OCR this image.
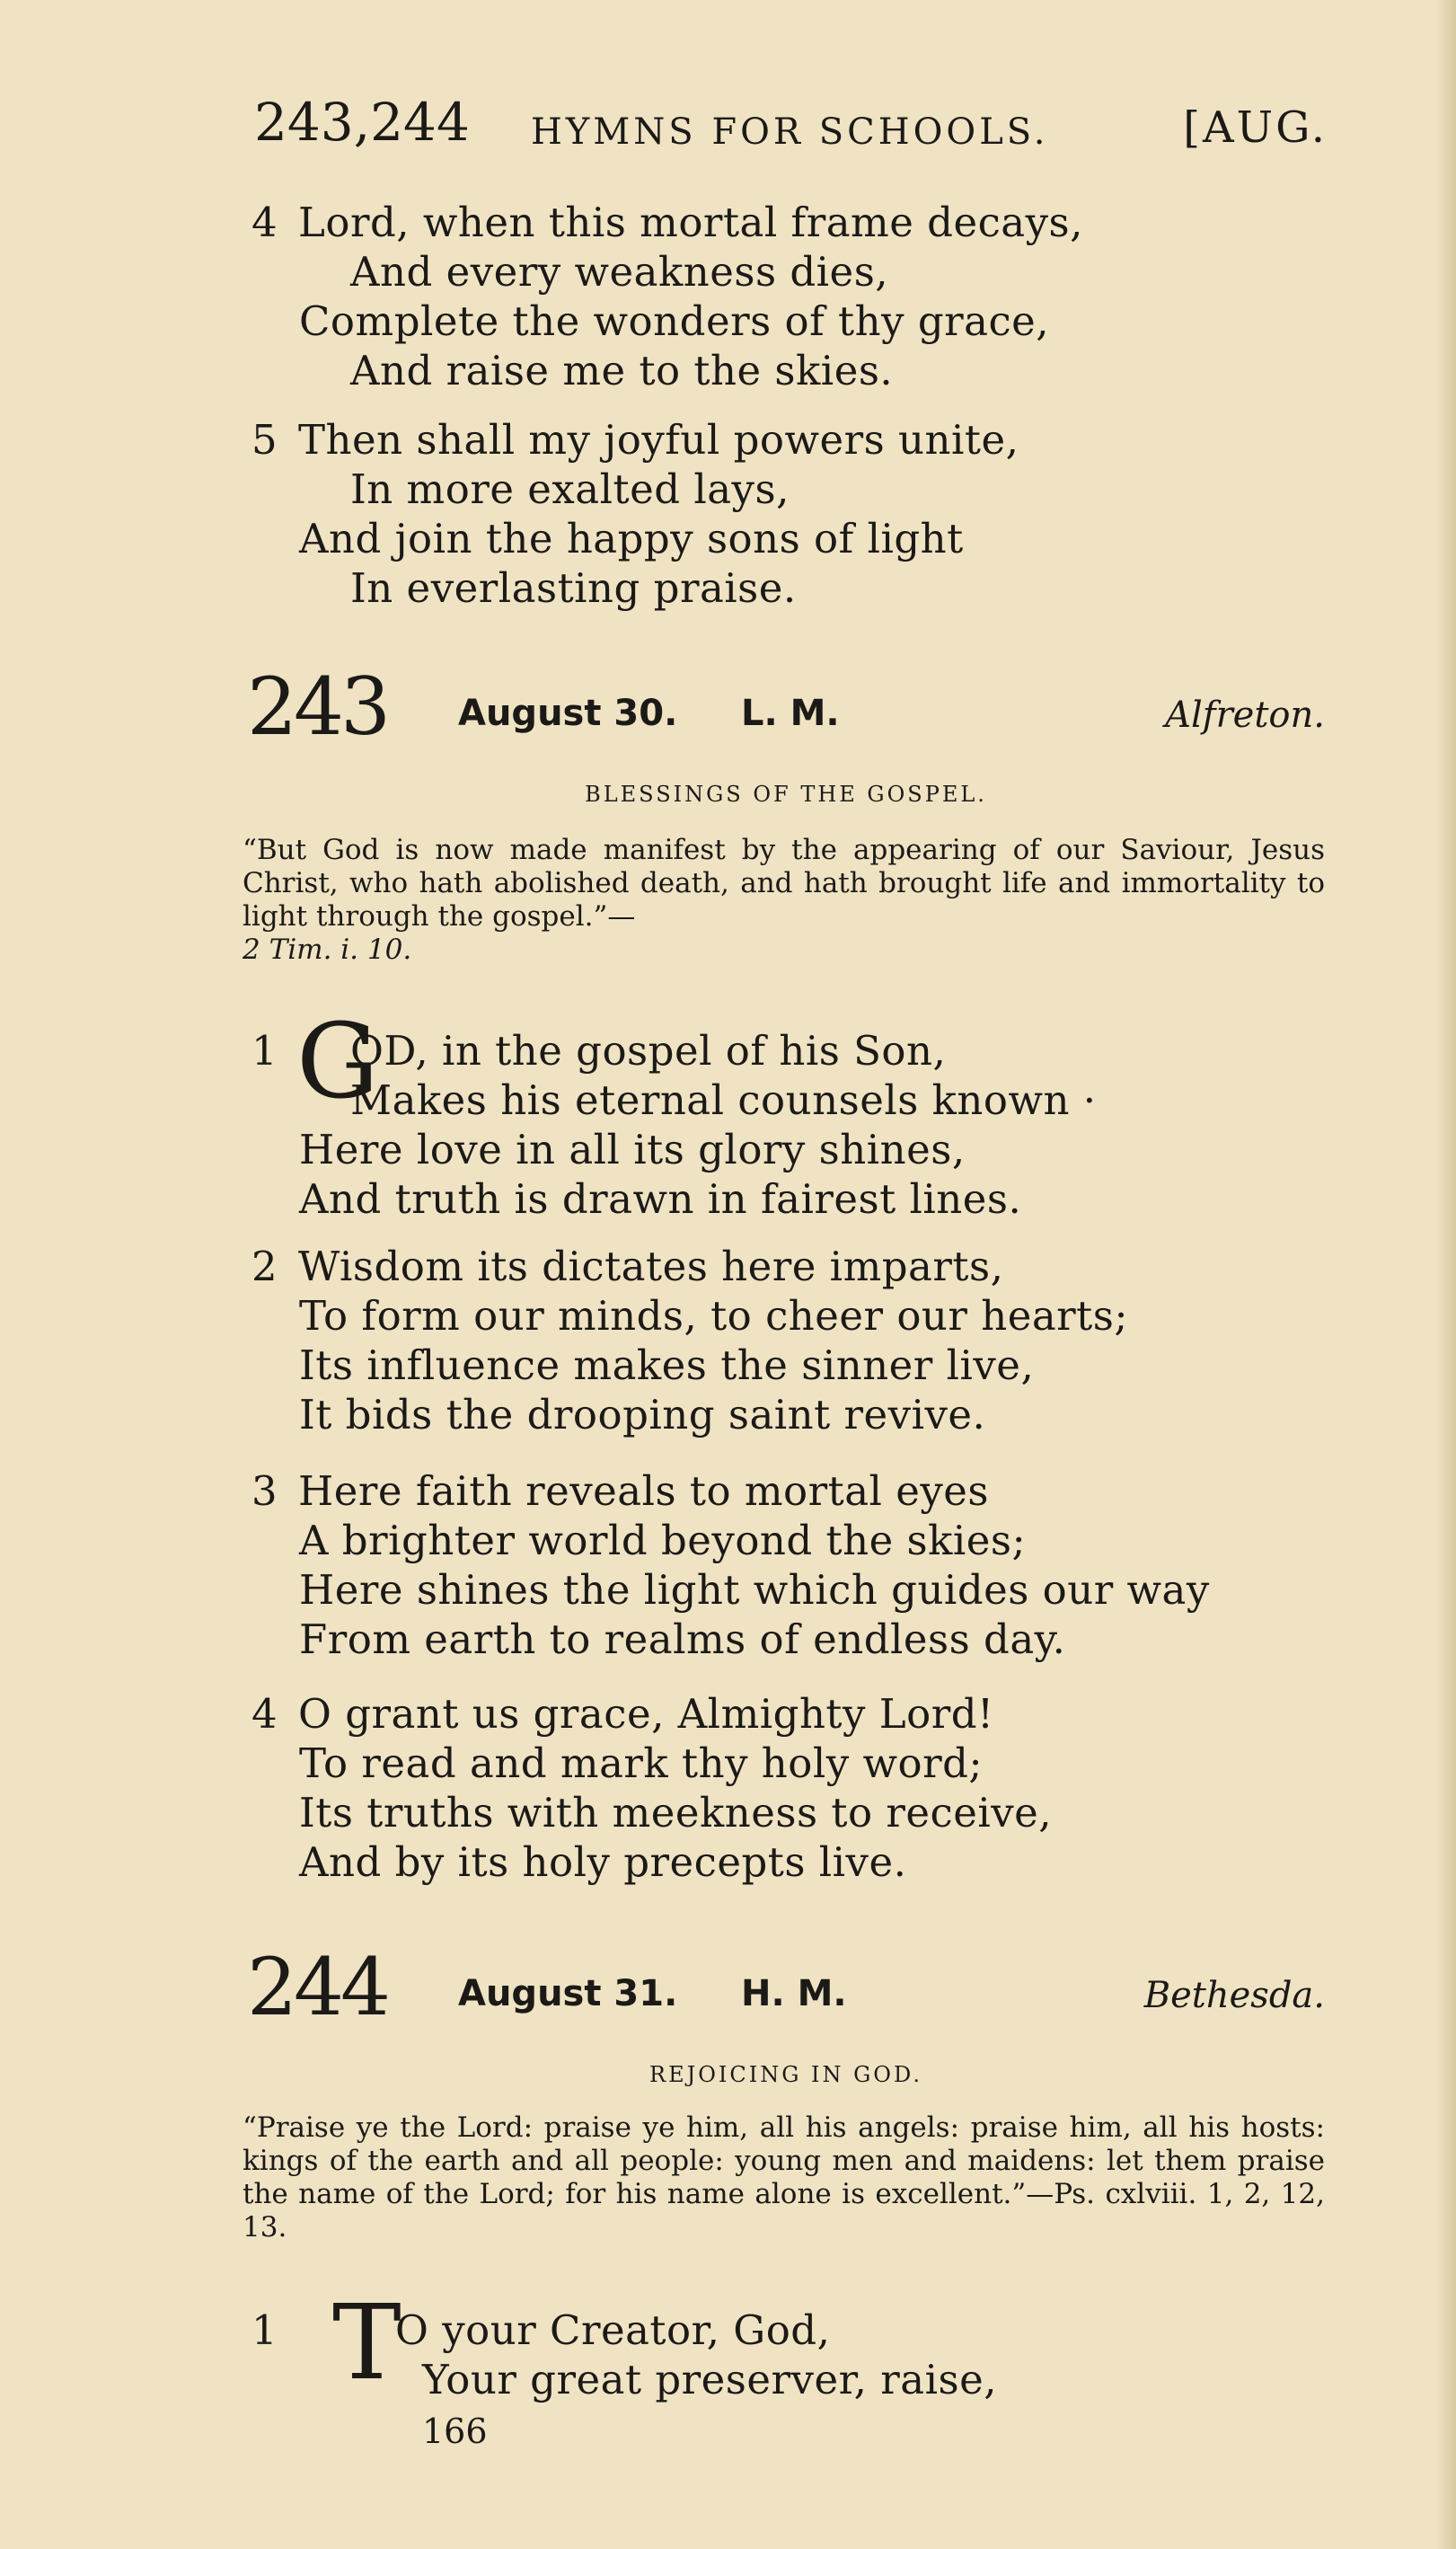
243,244 HYMNS FOR SCHOOLS.	[AUG.
4 Lord, when this mortal frame decays,
And every weakness dies,
Complete the wonders of thy grace,
And raise me to the skies.
5 Then shall my joyful powers unite,
In more exalted lays,
And join the happy sons of light
In everlasting praise.
243 August 30. L. M.	Alfreton.
BLESSINGS OF THE GOSPEL.

“But God is now made manifest by the appearing of our Saviour, Jesus Christ, who hath abolished death, and hath brought life and immortality to light through the gospel.”—

2 Tim. i. 10.

G
1 OD, in the gospel of his Son,
Makes his eternal counsels known ·
Here love in all its glory shines,
And truth is drawn in fairest lines.
2 Wisdom its dictates here imparts,
To form our minds, to cheer our hearts;
Its influence makes the sinner live,
It bids the drooping saint revive.
3 Here faith reveals to mortal eyes
A brighter world beyond the skies;
Here shines the light which guides our way
From earth to realms of endless day.
4 O grant us grace, Almighty Lord!
To read and mark thy holy word;
Its truths with meekness to receive,
And by its holy precepts live.
244 August 31. H. M.	Bethesda.
REJOICING IN GOD.

“Praise ye the Lord: praise ye him, all his angels: praise him, all his hosts: kings of the earth and all people: young men and maidens: let them praise the name of the Lord; for his name alone is excellent.”—Ps. cxlviii. 1, 2, 12, 13.

T
1	O your Creator, God,
Your great preserver, raise,
166
